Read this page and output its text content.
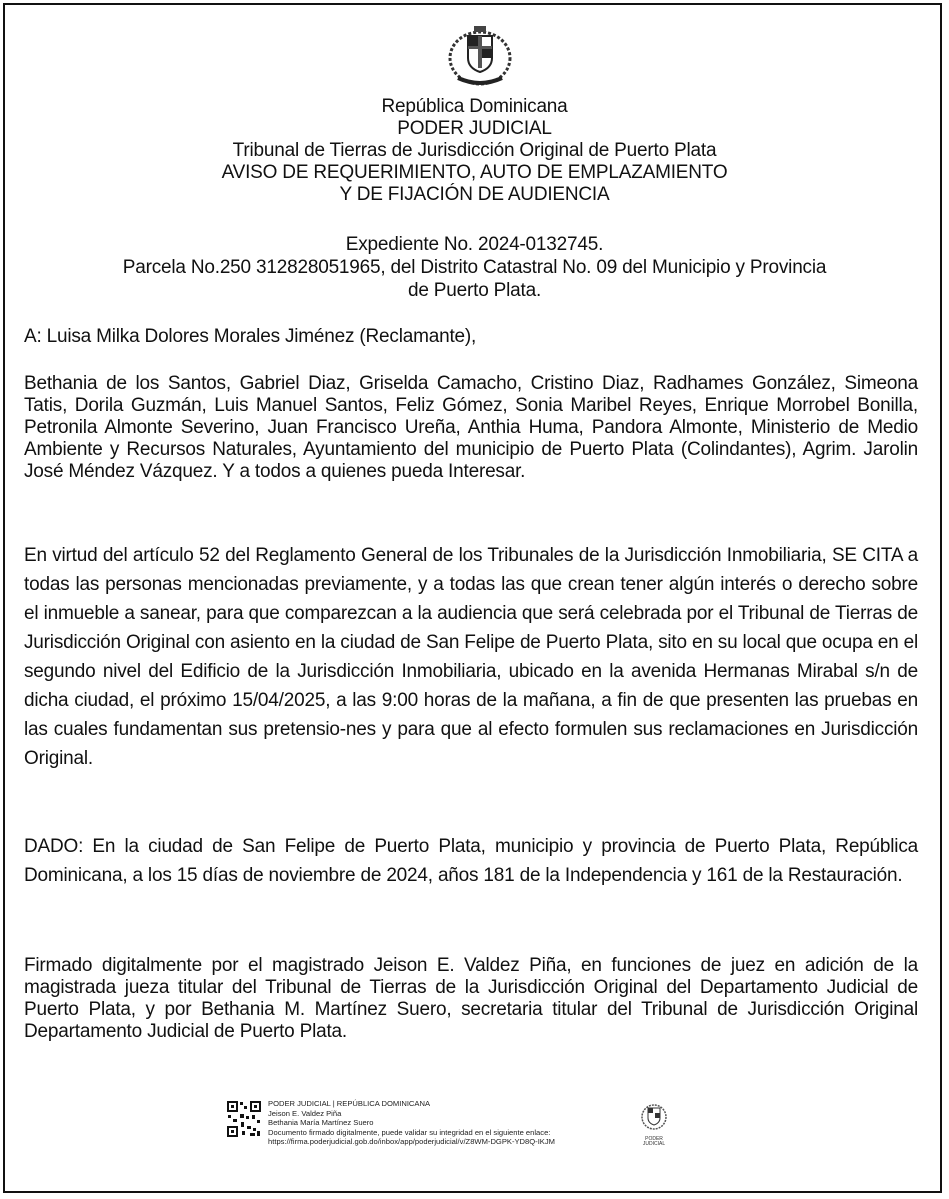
República Dominicana
PODER JUDICIAL
Tribunal de Tierras de Jurisdicción Original de Puerto Plata
AVISO DE REQUERIMIENTO, AUTO DE EMPLAZAMIENTO
Y DE FIJACIÓN DE AUDIENCIA
Expediente No. 2024-0132745.
Parcela No.250 312828051965, del Distrito Catastral No. 09 del Municipio y Provincia
de Puerto Plata.
A: Luisa Milka Dolores Morales Jiménez (Reclamante),
Bethania de los Santos, Gabriel Diaz, Griselda Camacho, Cristino Diaz, Radhames González, Simeona Tatis, Dorila Guzmán, Luis Manuel Santos, Feliz Gómez, Sonia Maribel Reyes, Enrique Morrobel Bonilla, Petronila Almonte Severino, Juan Francisco Ureña, Anthia Huma, Pandora Almonte, Ministerio de Medio Ambiente y Recursos Naturales, Ayuntamiento del municipio de Puerto Plata (Colindantes), Agrim. Jarolin José Méndez Vázquez. Y a todos a quienes pueda Interesar.
En virtud del artículo 52 del Reglamento General de los Tribunales de la Jurisdicción Inmobiliaria, SE CITA a todas las personas mencionadas previamente, y a todas las que crean tener algún interés o derecho sobre el inmueble a sanear, para que comparezcan a la audiencia que será celebrada por el Tribunal de Tierras de Jurisdicción Original con asiento en la ciudad de San Felipe de Puerto Plata, sito en su local que ocupa en el segundo nivel del Edificio de la Jurisdicción Inmobiliaria, ubicado en la avenida Hermanas Mirabal s/n de dicha ciudad, el próximo 15/04/2025, a las 9:00 horas de la mañana, a fin de que presenten las pruebas en las cuales fundamentan sus pretensio-nes y para que al efecto formulen sus reclamaciones en Jurisdicción Original.
DADO: En la ciudad de San Felipe de Puerto Plata, municipio y provincia de Puerto Plata, República Dominicana, a los 15 días de noviembre de 2024, años 181 de la Independencia y 161 de la Restauración.
Firmado digitalmente por el magistrado Jeison E. Valdez Piña, en funciones de juez en adición de la magistrada jueza titular del Tribunal de Tierras de la Jurisdicción Original del Departamento Judicial de Puerto Plata, y por Bethania M. Martínez Suero, secretaria titular del Tribunal de Jurisdicción Original Departamento Judicial de Puerto Plata.
PODER JUDICIAL | REPÚBLICA DOMINICANA
Jeison E. Valdez Piña
Bethania María Martínez Suero
Documento firmado digitalmente, puede validar su integridad en el siguiente enlace:
https://firma.poderjudicial.gob.do/inbox/app/poderjudicial/v/Z8WM-DGPK-YD8Q-IKJM	PODER JUDICIAL
